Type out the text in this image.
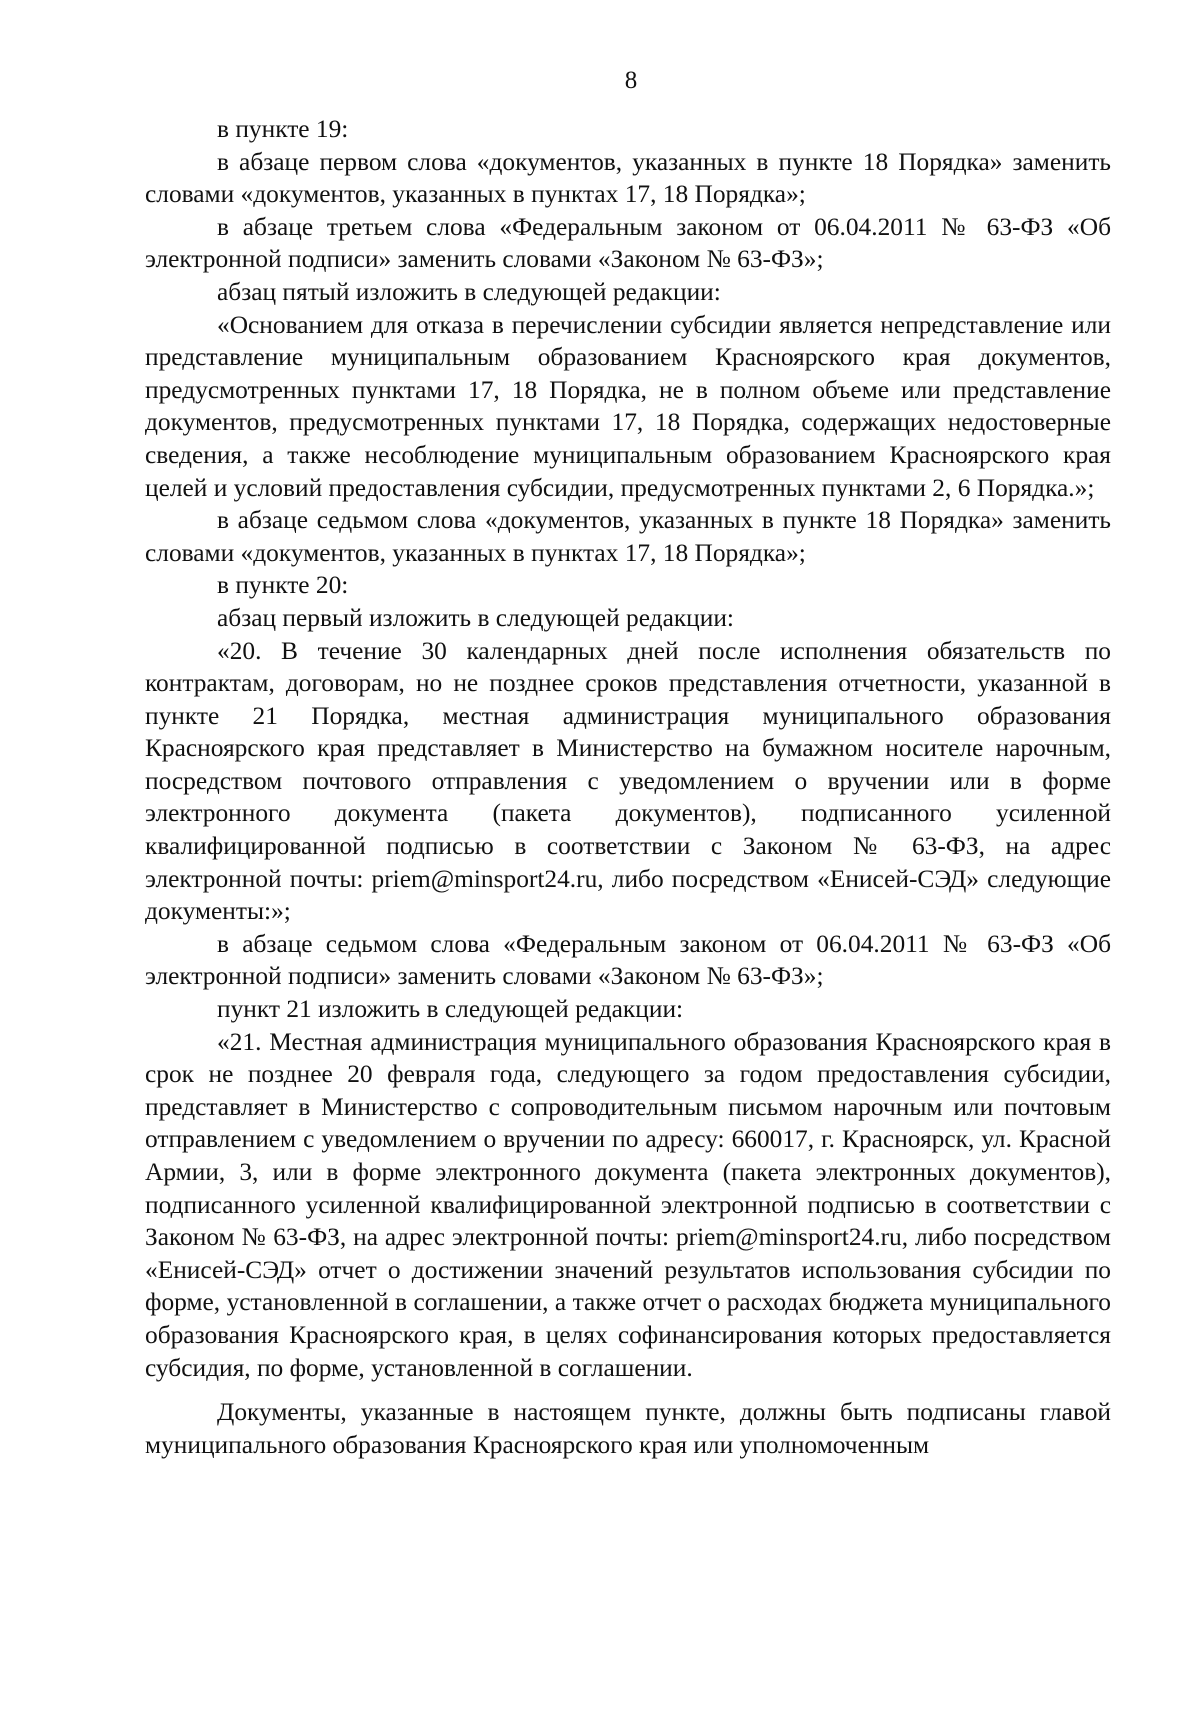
8

в пункте 19:

в абзаце первом слова «документов, указанных в пункте 18 Порядка» заменить словами «документов, указанных в пунктах 17, 18 Порядка»;

в абзаце третьем слова «Федеральным законом от 06.04.2011 № 63-ФЗ «Об электронной подписи» заменить словами «Законом № 63-ФЗ»;

абзац пятый изложить в следующей редакции:

«Основанием для отказа в перечислении субсидии является непредставление или представление муниципальным образованием Красноярского края документов, предусмотренных пунктами 17, 18 Порядка, не в полном объеме или представление документов, предусмотренных пунктами 17, 18 Порядка, содержащих недостоверные сведения, а также несоблюдение муниципальным образованием Красноярского края целей и условий предоставления субсидии, предусмотренных пунктами 2, 6 Порядка.»;

в абзаце седьмом слова «документов, указанных в пункте 18 Порядка» заменить словами «документов, указанных в пунктах 17, 18 Порядка»;

в пункте 20:

абзац первый изложить в следующей редакции:

«20. В течение 30 календарных дней после исполнения обязательств по контрактам, договорам, но не позднее сроков представления отчетности, указанной в пункте 21 Порядка, местная администрация муниципального образования Красноярского края представляет в Министерство на бумажном носителе нарочным, посредством почтового отправления с уведомлением о вручении или в форме электронного документа (пакета документов), подписанного усиленной квалифицированной подписью в соответствии с Законом № 63-ФЗ, на адрес электронной почты: priem@minsport24.ru, либо посредством «Енисей-СЭД» следующие документы:»;

в абзаце седьмом слова «Федеральным законом от 06.04.2011 № 63-ФЗ «Об электронной подписи» заменить словами «Законом № 63-ФЗ»;

пункт 21 изложить в следующей редакции:

«21. Местная администрация муниципального образования Красноярского края в срок не позднее 20 февраля года, следующего за годом предоставления субсидии, представляет в Министерство с сопроводительным письмом нарочным или почтовым отправлением с уведомлением о вручении по адресу: 660017, г. Красноярск, ул. Красной Армии, 3, или в форме электронного документа (пакета электронных документов), подписанного усиленной квалифицированной электронной подписью в соответствии с Законом № 63-ФЗ, на адрес электронной почты: priem@minsport24.ru, либо посредством «Енисей-СЭД» отчет о достижении значений результатов использования субсидии по форме, установленной в соглашении, а также отчет о расходах бюджета муниципального образования Красноярского края, в целях софинансирования которых предоставляется субсидия, по форме, установленной в соглашении.

Документы, указанные в настоящем пункте, должны быть подписаны главой муниципального образования Красноярского края или уполномоченным
